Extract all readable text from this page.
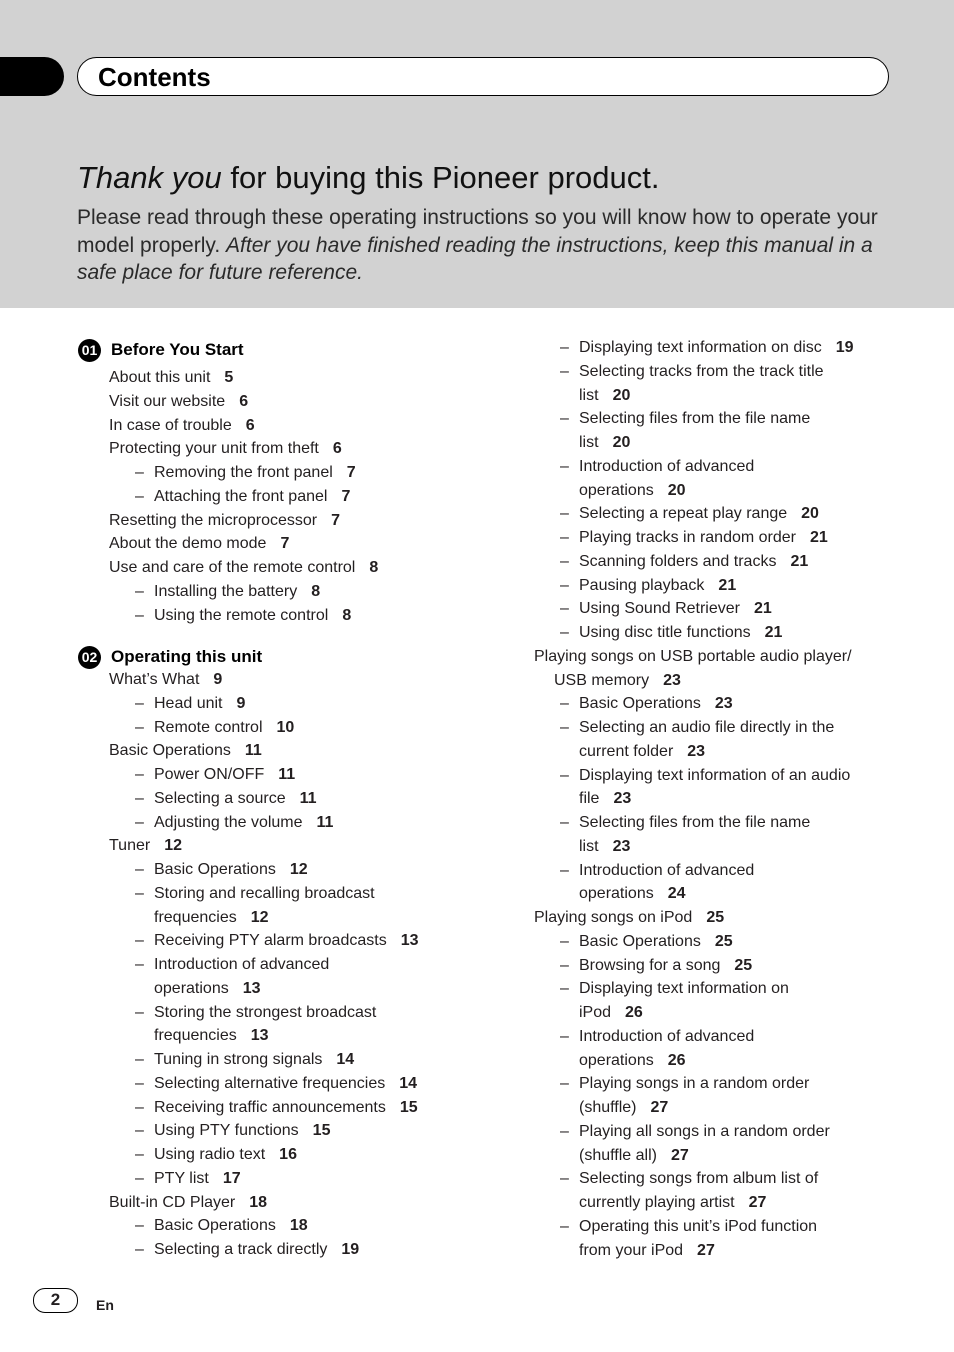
Contents
Thank you for buying this Pioneer product.
Please read through these operating instructions so you will know how to operate your model properly. After you have finished reading the instructions, keep this manual in a safe place for future reference.
01 Before You Start
About this unit 5
Visit our website 6
In case of trouble 6
Protecting your unit from theft 6
– Removing the front panel 7
– Attaching the front panel 7
Resetting the microprocessor 7
About the demo mode 7
Use and care of the remote control 8
– Installing the battery 8
– Using the remote control 8
02 Operating this unit
What’s What 9
– Head unit 9
– Remote control 10
Basic Operations 11
– Power ON/OFF 11
– Selecting a source 11
– Adjusting the volume 11
Tuner 12
– Basic Operations 12
– Storing and recalling broadcast
frequencies 12
– Receiving PTY alarm broadcasts 13
– Introduction of advanced
operations 13
– Storing the strongest broadcast
frequencies 13
– Tuning in strong signals 14
– Selecting alternative frequencies 14
– Receiving traffic announcements 15
– Using PTY functions 15
– Using radio text 16
– PTY list 17
Built-in CD Player 18
– Basic Operations 18
– Selecting a track directly 19
– Displaying text information on disc 19
– Selecting tracks from the track title
list 20
– Selecting files from the file name
list 20
– Introduction of advanced
operations 20
– Selecting a repeat play range 20
– Playing tracks in random order 21
– Scanning folders and tracks 21
– Pausing playback 21
– Using Sound Retriever 21
– Using disc title functions 21
Playing songs on USB portable audio player/
USB memory 23
– Basic Operations 23
– Selecting an audio file directly in the
current folder 23
– Displaying text information of an audio
file 23
– Selecting files from the file name
list 23
– Introduction of advanced
operations 24
Playing songs on iPod 25
– Basic Operations 25
– Browsing for a song 25
– Displaying text information on
iPod 26
– Introduction of advanced
operations 26
– Playing songs in a random order
(shuffle) 27
– Playing all songs in a random order
(shuffle all) 27
– Selecting songs from album list of
currently playing artist 27
– Operating this unit’s iPod function
from your iPod 27
2	En
